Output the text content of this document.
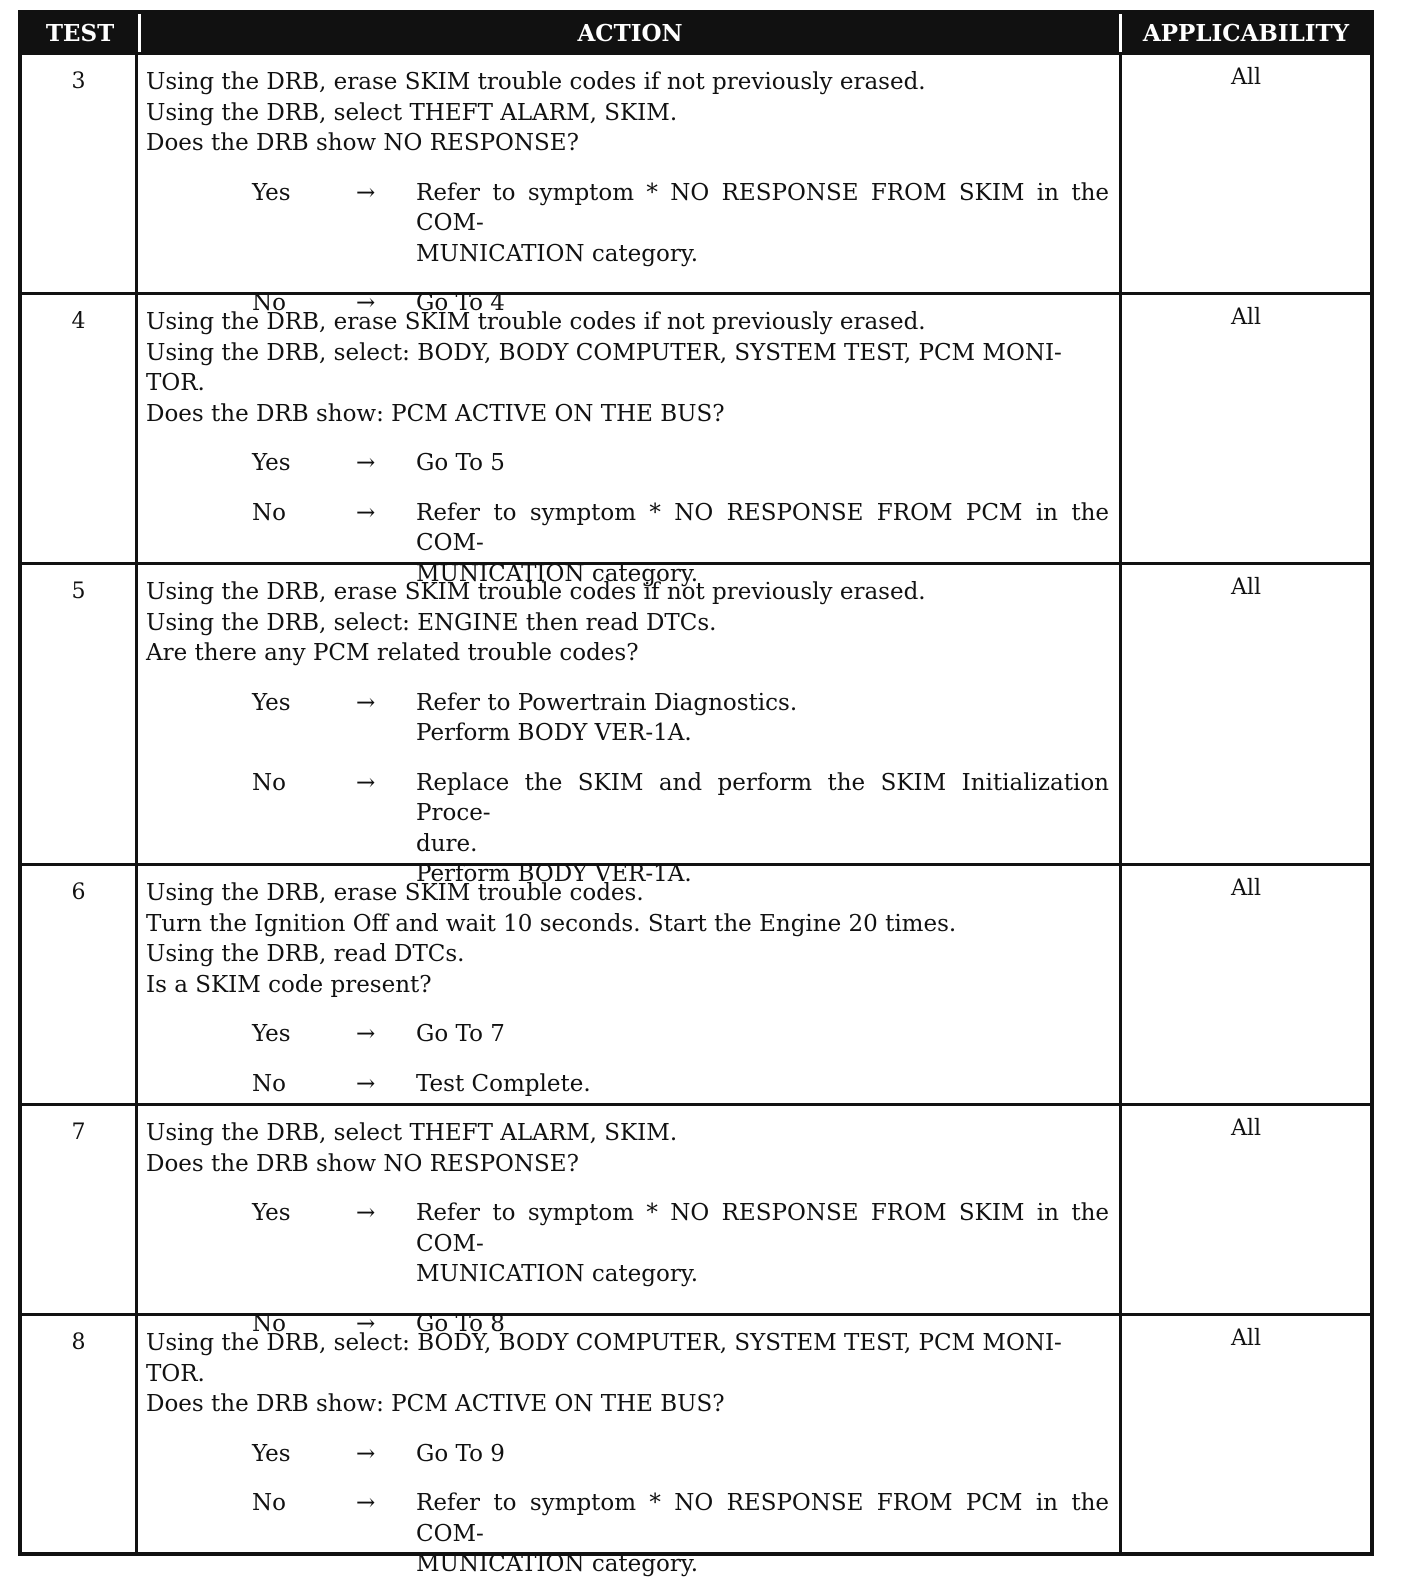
TEST	ACTION	APPLICABILITY
3	Using the DRB, erase SKIM trouble codes if not previously erased.
Using the DRB, select THEFT ALARM, SKIM.
Does the DRB show NO RESPONSE?
Yes	→	Refer to symptom * NO RESPONSE FROM SKIM in the COM-
MUNICATION category.
No	→	Go To 4
All
4	Using the DRB, erase SKIM trouble codes if not previously erased.
Using the DRB, select: BODY, BODY COMPUTER, SYSTEM TEST, PCM MONI-
TOR.
Does the DRB show: PCM ACTIVE ON THE BUS?
Yes	→	Go To 5
No	→	Refer to symptom * NO RESPONSE FROM PCM in the COM-
MUNICATION category.
All
5	Using the DRB, erase SKIM trouble codes if not previously erased.
Using the DRB, select: ENGINE then read DTCs.
Are there any PCM related trouble codes?
Yes	→	Refer to Powertrain Diagnostics.
Perform BODY VER-1A.
No	→	Replace the SKIM and perform the SKIM Initialization Proce-
dure.
Perform BODY VER-1A.
All
6	Using the DRB, erase SKIM trouble codes.
Turn the Ignition Off and wait 10 seconds. Start the Engine 20 times.
Using the DRB, read DTCs.
Is a SKIM code present?
Yes	→	Go To 7
No	→	Test Complete.
All
7	Using the DRB, select THEFT ALARM, SKIM.
Does the DRB show NO RESPONSE?
Yes	→	Refer to symptom * NO RESPONSE FROM SKIM in the COM-
MUNICATION category.
No	→	Go To 8
All
8	Using the DRB, select: BODY, BODY COMPUTER, SYSTEM TEST, PCM MONI-
TOR.
Does the DRB show: PCM ACTIVE ON THE BUS?
Yes	→	Go To 9
No	→	Refer to symptom * NO RESPONSE FROM PCM in the COM-
MUNICATION category.
All
